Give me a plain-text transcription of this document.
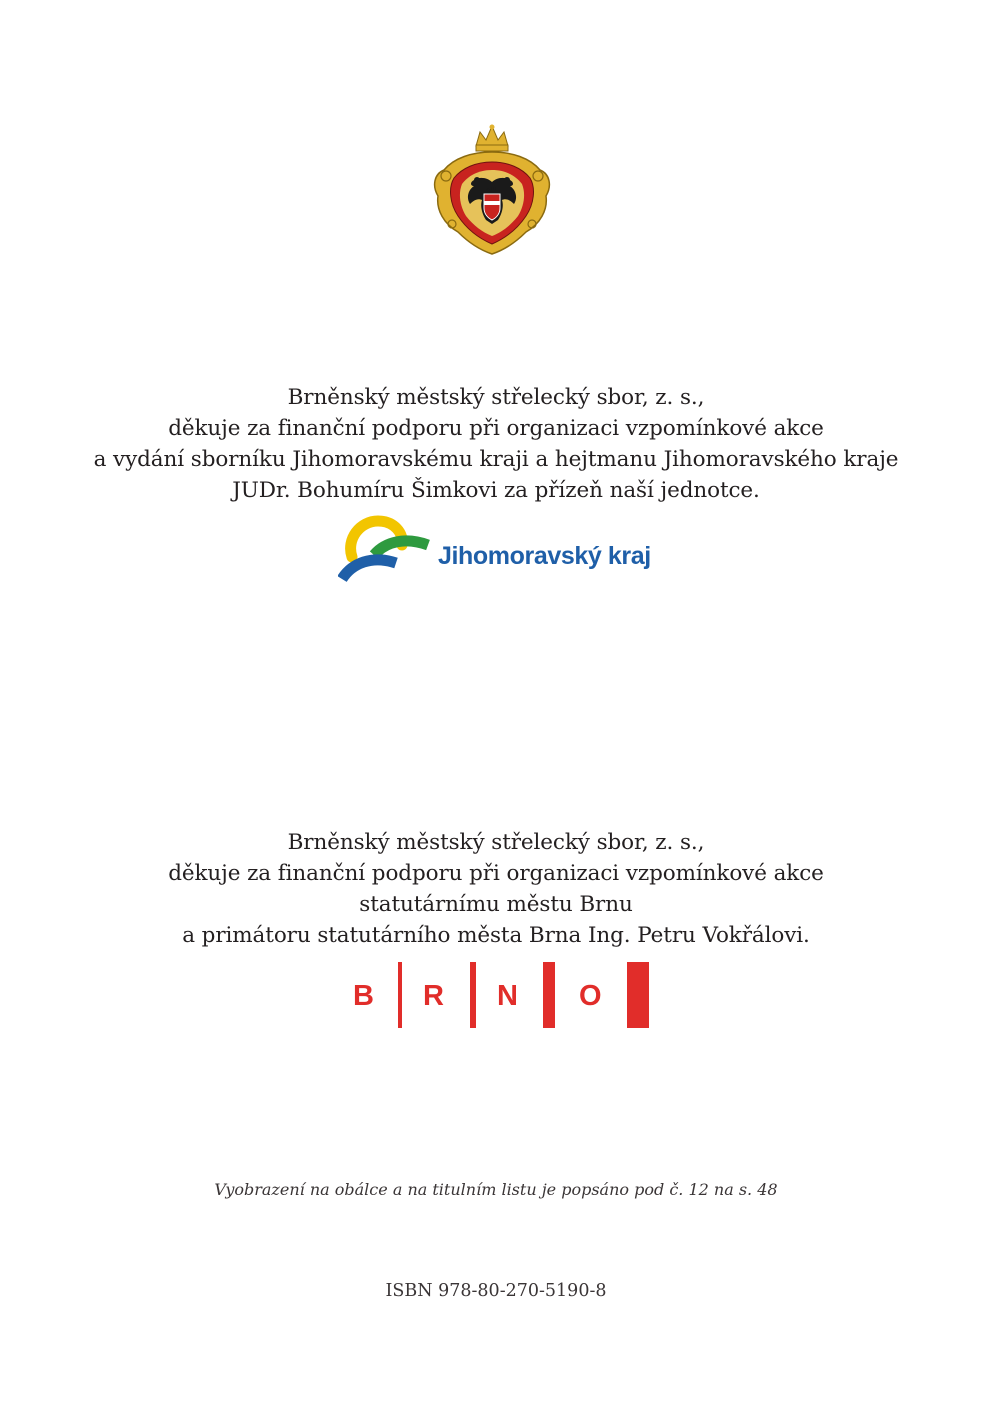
F.III.

Brněnský městský střelecký sbor, z. s.,

děkuje za finanční podporu při organizaci vzpomínkové akce

a vydání sborníku Jihomoravskému kraji a hejtmanu Jihomoravského kraje

JUDr. Bohumíru Šimkovi za přízeň naší jednotce.

Jihomoravský kraj

Brněnský městský střelecký sbor, z. s.,

děkuje za finanční podporu při organizaci vzpomínkové akce

statutárnímu městu Brnu

a primátoru statutárního města Brna Ing. Petru Vokřálovi.

B R N O
Vyobrazení na obálce a na titulním listu je popsáno pod č. 12 na s. 48
ISBN 978-80-270-5190-8
